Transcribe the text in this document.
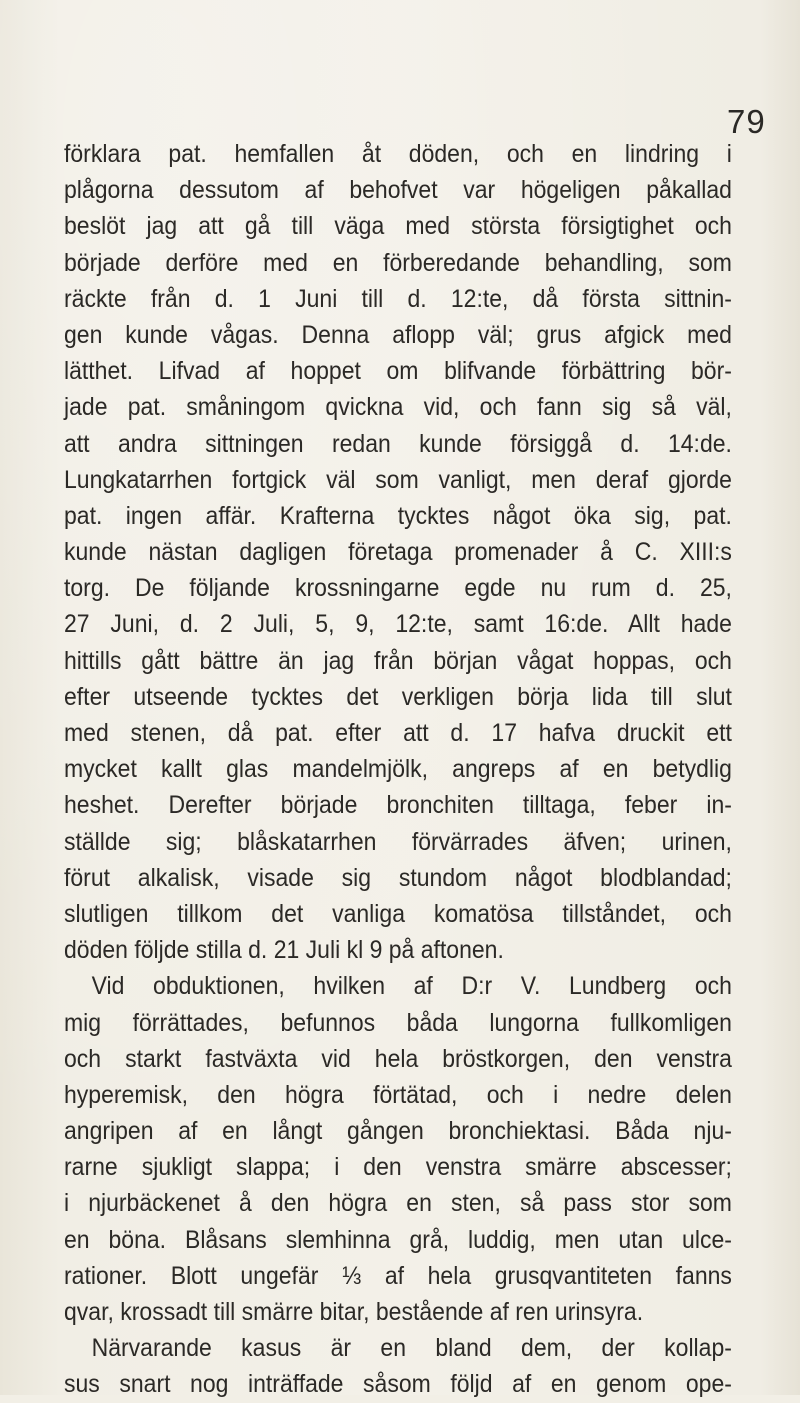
79
förklara pat. hemfallen åt döden, och en lindring i
plågorna dessutom af behofvet var högeligen påkallad
beslöt jag att gå till väga med största försigtighet och
började derföre med en förberedande behandling, som
räckte från d. 1 Juni till d. 12:te, då första sittnin-
gen kunde vågas. Denna aflopp väl; grus afgick med
lätthet. Lifvad af hoppet om blifvande förbättring bör-
jade pat. småningom qvickna vid, och fann sig så väl,
att andra sittningen redan kunde försiggå d. 14:de.
Lungkatarrhen fortgick väl som vanligt, men deraf gjorde
pat. ingen affär. Krafterna tycktes något öka sig, pat.
kunde nästan dagligen företaga promenader å C. XIII:s
torg. De följande krossningarne egde nu rum d. 25,
27 Juni, d. 2 Juli, 5, 9, 12:te, samt 16:de. Allt hade
hittills gått bättre än jag från början vågat hoppas, och
efter utseende tycktes det verkligen börja lida till slut
med stenen, då pat. efter att d. 17 hafva druckit ett
mycket kallt glas mandelmjölk, angreps af en betydlig
heshet. Derefter började bronchiten tilltaga, feber in-
ställde sig; blåskatarrhen förvärrades äfven; urinen,
förut alkalisk, visade sig stundom något blodblandad;
slutligen tillkom det vanliga komatösa tillståndet, och
döden följde stilla d. 21 Juli kl 9 på aftonen.
Vid obduktionen, hvilken af D:r V. Lundberg och
mig förrättades, befunnos båda lungorna fullkomligen
och starkt fastväxta vid hela bröstkorgen, den venstra
hyperemisk, den högra förtätad, och i nedre delen
angripen af en långt gången bronchiektasi. Båda nju-
rarne sjukligt slappa; i den venstra smärre abscesser;
i njurbäckenet å den högra en sten, så pass stor som
en böna. Blåsans slemhinna grå, luddig, men utan ulce-
rationer. Blott ungefär ⅓ af hela grusqvantiteten fanns
qvar, krossadt till smärre bitar, bestående af ren urinsyra.
Närvarande kasus är en bland dem, der kollap-
sus snart nog inträffade såsom följd af en genom ope-
